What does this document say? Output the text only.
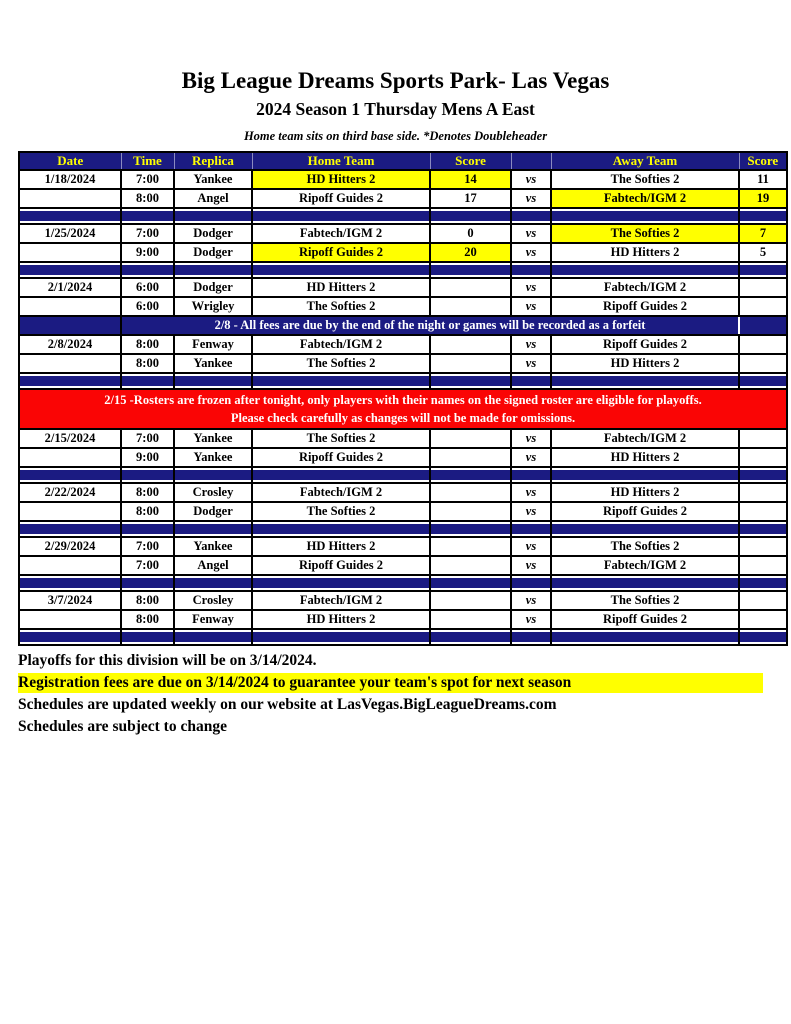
Big League Dreams Sports Park- Las Vegas
2024 Season 1 Thursday Mens A East
Home team sits on third base side. *Denotes Doubleheader
Date	Time	Replica	Home Team	Score		Away Team	Score
1/18/2024	7:00	Yankee	HD Hitters 2	14	vs	The Softies 2	11
	8:00	Angel	Ripoff Guides 2	17	vs	Fabtech/IGM 2	19

1/25/2024	7:00	Dodger	Fabtech/IGM 2	0	vs	The Softies 2	7
	9:00	Dodger	Ripoff Guides 2	20	vs	HD Hitters 2	5

2/1/2024	6:00	Dodger	HD Hitters 2		vs	Fabtech/IGM 2	
	6:00	Wrigley	The Softies 2		vs	Ripoff Guides 2	
	2/8 - All fees are due by the end of the night or games will be recorded as a forfeit						
2/8/2024	8:00	Fenway	Fabtech/IGM 2		vs	Ripoff Guides 2	
	8:00	Yankee	The Softies 2		vs	HD Hitters 2	

2/15 -Rosters are frozen after tonight, only players with their names on the signed roster are eligible for playoffs.
Please check carefully as changes will not be made for omissions.							

2/15/2024	7:00	Yankee	The Softies 2		vs	Fabtech/IGM 2	
	9:00	Yankee	Ripoff Guides 2		vs	HD Hitters 2	

2/22/2024	8:00	Crosley	Fabtech/IGM 2		vs	HD Hitters 2	
	8:00	Dodger	The Softies 2		vs	Ripoff Guides 2	

2/29/2024	7:00	Yankee	HD Hitters 2		vs	The Softies 2	
	7:00	Angel	Ripoff Guides 2		vs	Fabtech/IGM 2	

3/7/2024	8:00	Crosley	Fabtech/IGM 2		vs	The Softies 2	
	8:00	Fenway	HD Hitters 2		vs	Ripoff Guides 2	

Playoffs for this division will be on 3/14/2024.

Registration fees are due on 3/14/2024 to guarantee your team's spot for next season

Schedules are updated weekly on our website at LasVegas.BigLeagueDreams.com

Schedules are subject to change
